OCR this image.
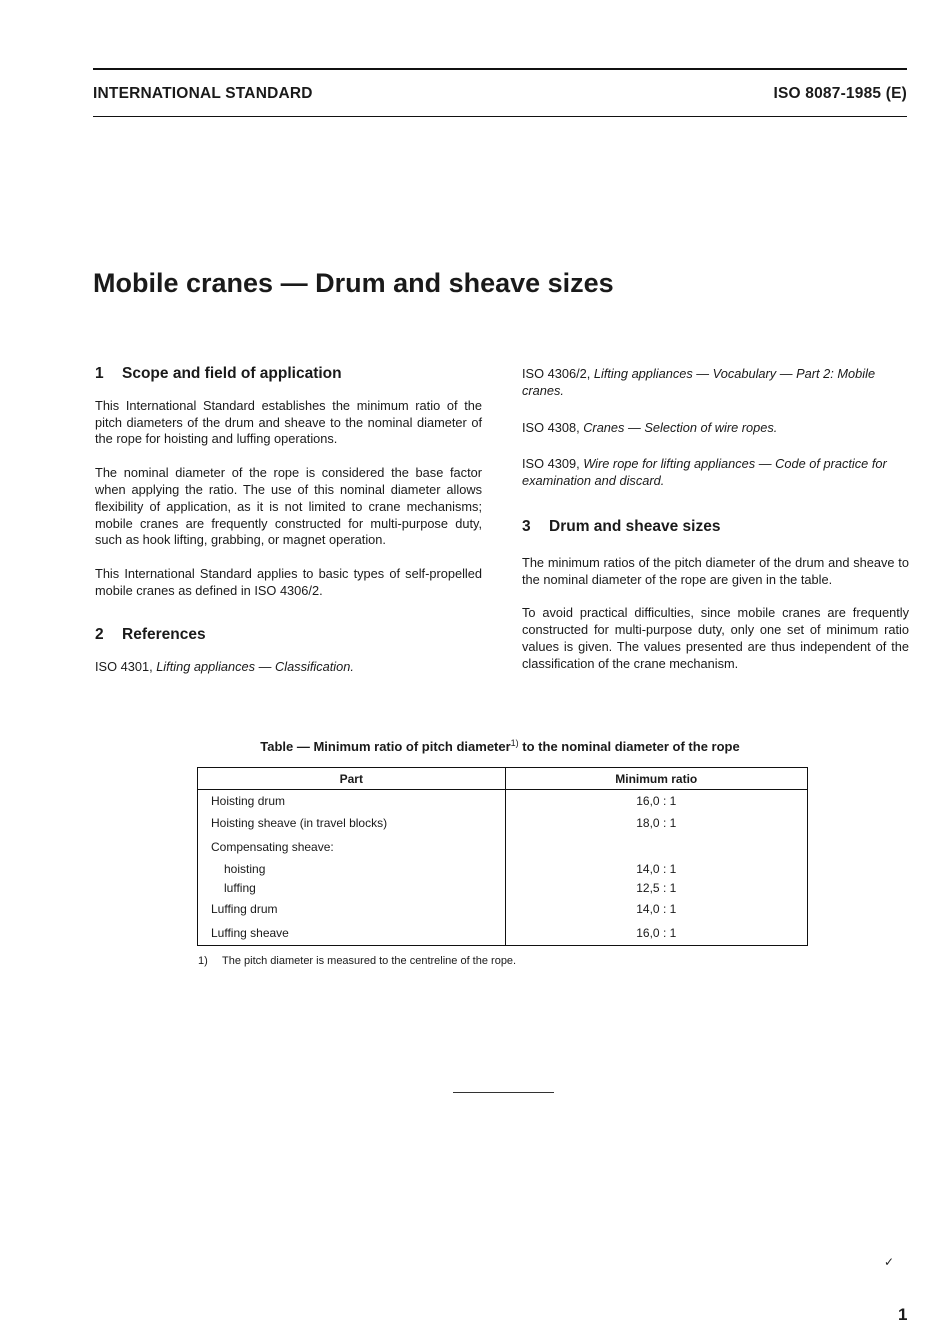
INTERNATIONAL STANDARD	ISO 8087-1985 (E)
Mobile cranes — Drum and sheave sizes
1 Scope and field of application

This International Standard establishes the minimum ratio of the pitch diameters of the drum and sheave to the nominal diameter of the rope for hoisting and luffing operations.

The nominal diameter of the rope is considered the base factor when applying the ratio. The use of this nominal diameter allows flexibility of application, as it is not limited to crane mechanisms; mobile cranes are frequently constructed for multi-purpose duty, such as hook lifting, grabbing, or magnet operation.

This International Standard applies to basic types of self-propelled mobile cranes as defined in ISO 4306/2.

2 References

ISO 4301, Lifting appliances — Classification.

ISO 4306/2, Lifting appliances — Vocabulary — Part 2: Mobile cranes.

ISO 4308, Cranes — Selection of wire ropes.

ISO 4309, Wire rope for lifting appliances — Code of practice for examination and discard.

3 Drum and sheave sizes

The minimum ratios of the pitch diameter of the drum and sheave to the nominal diameter of the rope are given in the table.

To avoid practical difficulties, since mobile cranes are frequently constructed for multi-purpose duty, only one set of minimum ratio values is given. The values presented are thus independent of the classification of the crane mechanism.

Table — Minimum ratio of pitch diameter$^{1)}$ to the nominal diameter of the rope
Part	Minimum ratio
Hoisting drum	16,0 : 1
Hoisting sheave (in travel blocks)	18,0 : 1
Compensating sheave:	
hoisting	14,0 : 1
luffing	12,5 : 1
Luffing drum	14,0 : 1
Luffing sheave	16,0 : 1
1) The pitch diameter is measured to the centreline of the rope.
✓
1
